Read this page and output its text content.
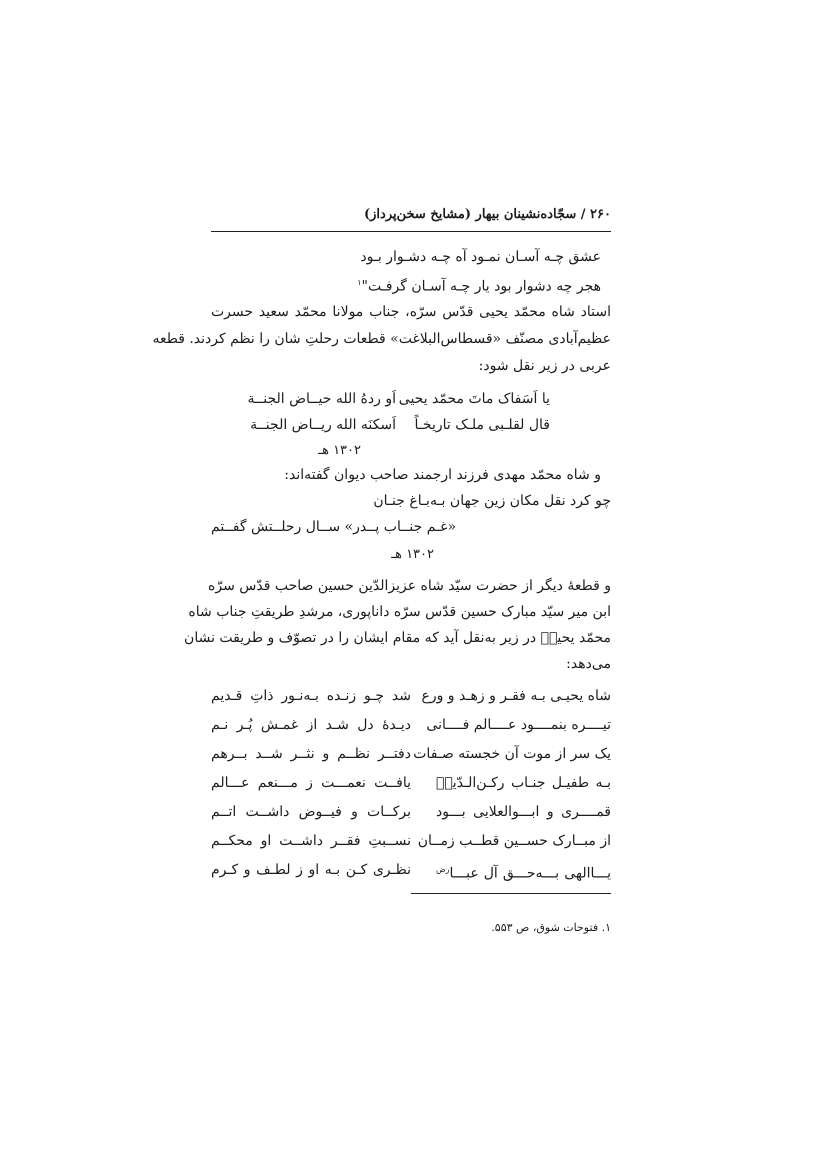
۲۶۰ / سجّاده‌نشینان بیهار (مشایخ سخن‌پرداز)
عشق چـه آسـان نمـود آه چـه دشـوار بـود
هجر چه دشوار بود یار چـه آسـان گرفـت"$^۱$
استاد شاه محمّد یحیی قدّس سرّه، جناب مولانا محمّد سعید حسرت
عظیم‌آبادی مصنّف «قسطاس‌البلاغت» قطعات رحلتِ شان را نظم کردند. قطعه
عربی در زیر نقل شود:
یا اَسَفاک ماتَ محمّد یحیی
اَو ردهُ الله حیــاض الجنــة
قال لقلـبی ملـک تاریخـاً
اَسکنَه الله ریــاض الجنــة
۱۳۰۲ هـ
و شاه محمّد مهدی فرزند ارجمند صاحب دیوان گفته‌اند:
چو کرد نقل مکان زین جهان بـه‌بـاغ جنـان
«غـم جنــاب پــدر» ســال رحلــتش گفــتم
۱۳۰۲ هـ
و قطعۀ دیگر از حضرت سیّد شاه عزیزالدّین حسین صاحب قدّس سرّه
ابن میر سیّد مبارک حسین قدّس سرّه داناپوری، مرشدِ طریقتِ جناب شاه
محمّد یحییؒ در زیر به‌نقل آید که مقام ایشان را در تصوّف و طریقت نشان
می‌دهد:
شاه یحیـی بـه فقـر و زهـد و ورع
تیــــره بنمــــود عــــالم فــــانی
یک سر از موت آن خجسته صـفات
بـه طفیـل جنـاب رکـن‌الـدّینؒ
قمــــری و ابـــوالعلایی بـــود
از مبــارک حســین قطــب زمــان
یـــاالهی بـــه‌حـــق آل عبـــا$^{رض}$
شد چـو زنـده بـه‌نـور ذاتِ قـدیم
دیـدۀ دل شـد از غمـش پُـر نـم
دفتــر نظــم و نثــر شــد بــرهم
یافــت نعمـــت ز مـــنعم عـــالم
برکــات و فیــوض داشــت اتــم
نســبتِ فقــر داشــت او محکــم
نظـری کـن بـه او ز لطـف و کـرم
۱. فتوحات شوق، ص ۵۵۳.
